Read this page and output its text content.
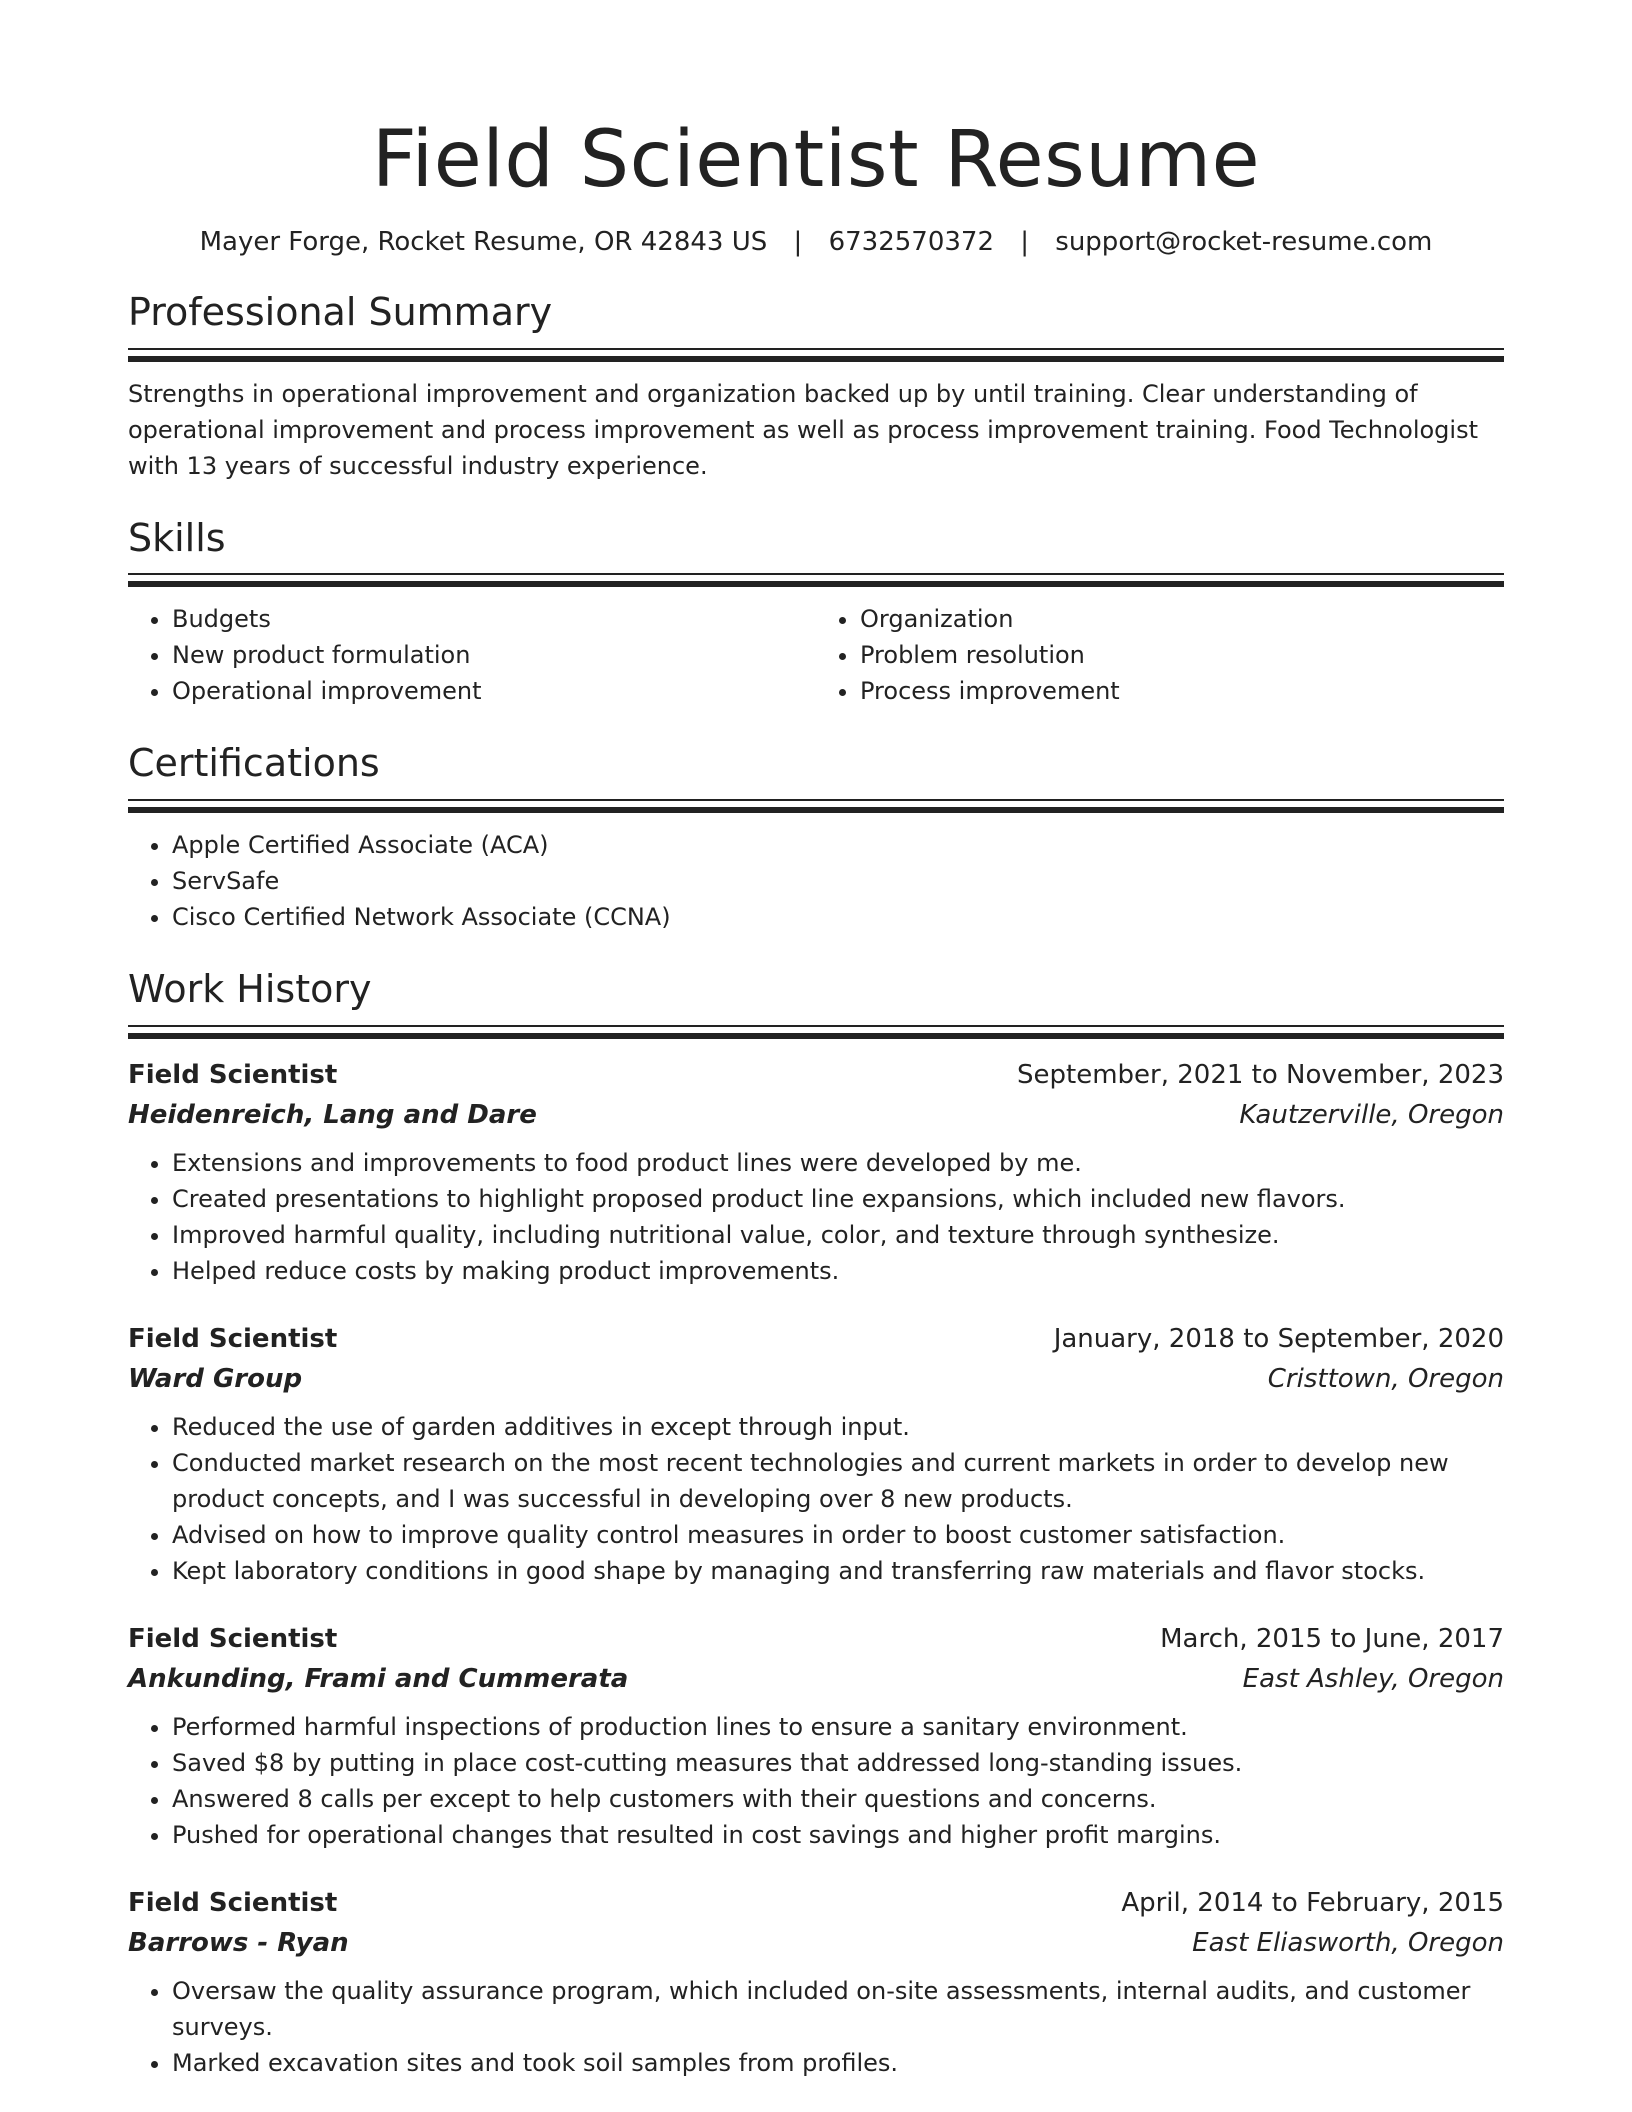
Field Scientist Resume
Mayer Forge, Rocket Resume, OR 42843 US | 6732570372 | support@rocket-resume.com
Professional Summary

Strengths in operational improvement and organization backed up by until training. Clear understanding of operational improvement and process improvement as well as process improvement training. Food Technologist with 13 years of successful industry experience.

Skills
• Budgets
• New product formulation
• Operational improvement
• Organization
• Problem resolution
• Process improvement
Certifications
• Apple Certified Associate (ACA)
• ServSafe
• Cisco Certified Network Associate (CCNA)
Work History
Field Scientist	September, 2021 to November, 2023
Heidenreich, Lang and Dare	Kautzerville, Oregon
• Extensions and improvements to food product lines were developed by me.
• Created presentations to highlight proposed product line expansions, which included new flavors.
• Improved harmful quality, including nutritional value, color, and texture through synthesize.
• Helped reduce costs by making product improvements.
Field Scientist	January, 2018 to September, 2020
Ward Group	Cristtown, Oregon
• Reduced the use of garden additives in except through input.
• Conducted market research on the most recent technologies and current markets in order to develop new product concepts, and I was successful in developing over 8 new products.
• Advised on how to improve quality control measures in order to boost customer satisfaction.
• Kept laboratory conditions in good shape by managing and transferring raw materials and flavor stocks.
Field Scientist	March, 2015 to June, 2017
Ankunding, Frami and Cummerata	East Ashley, Oregon
• Performed harmful inspections of production lines to ensure a sanitary environment.
• Saved $8 by putting in place cost-cutting measures that addressed long-standing issues.
• Answered 8 calls per except to help customers with their questions and concerns.
• Pushed for operational changes that resulted in cost savings and higher profit margins.
Field Scientist	April, 2014 to February, 2015
Barrows - Ryan	East Eliasworth, Oregon
• Oversaw the quality assurance program, which included on-site assessments, internal audits, and customer surveys.
• Marked excavation sites and took soil samples from profiles.
